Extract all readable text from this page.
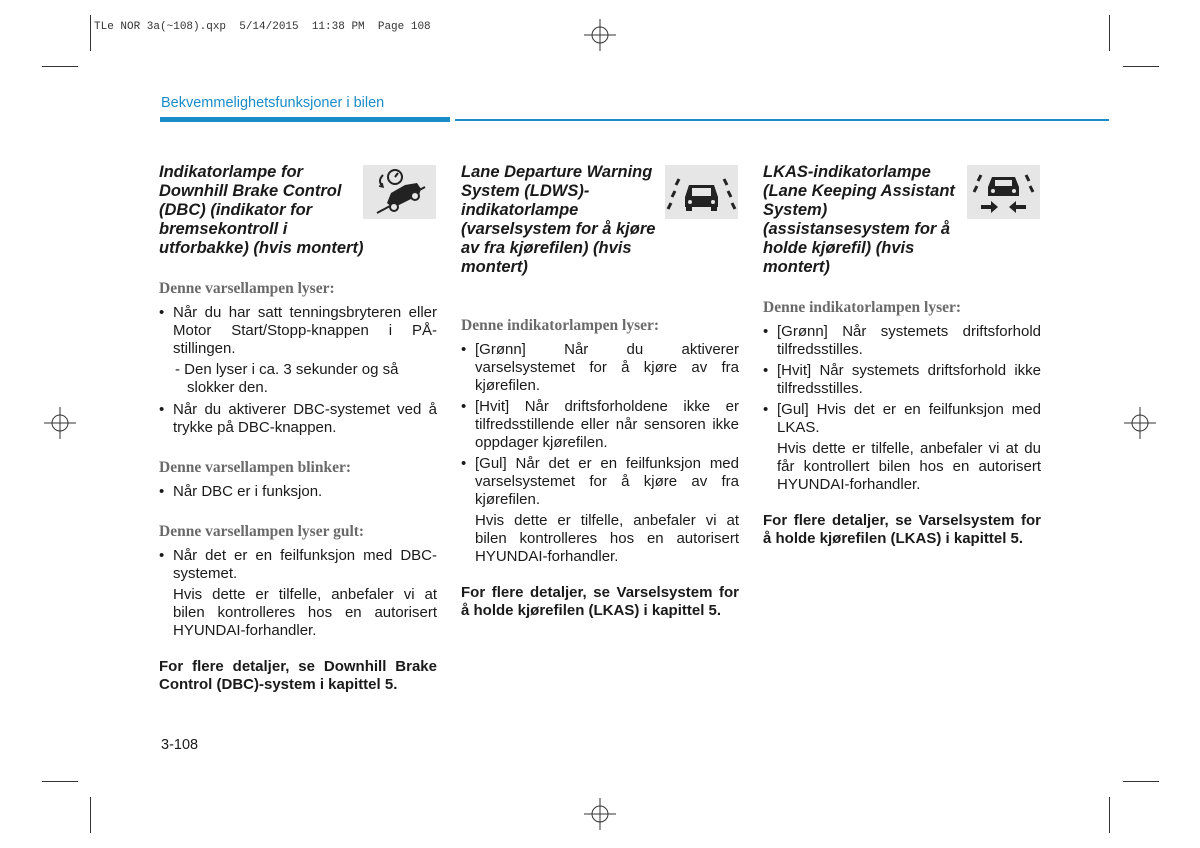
TLe NOR 3a(~108).qxp  5/14/2015  11:38 PM  Page 108
Bekvemmelighetsfunksjoner i bilen

Indikatorlampe for Downhill Brake Control (DBC) (indikator for bremsekontroll i utforbakke) (hvis montert)

Denne varsellampen lyser:
• Når du har satt tenningsbryteren eller Motor Start/Stopp-knappen i PÅ- stillingen.
- Den lyser i ca. 3 sekunder og så slokker den.
• Når du aktiverer DBC-systemet ved å trykke på DBC-knappen.
Denne varsellampen blinker:
• Når DBC er i funksjon.
Denne varsellampen lyser gult:
• Når det er en feilfunksjon med DBC- systemet.
Hvis dette er tilfelle, anbefaler vi at bilen kontrolleres hos en autorisert HYUNDAI-forhandler.
For flere detaljer, se Downhill Brake Control (DBC)-system i kapittel 5.

Lane Departure Warning System (LDWS)-indikatorlampe (varselsystem for å kjøre av fra kjørefilen) (hvis montert)

Denne indikatorlampen lyser:
• [Grønn] Når du aktiverer varselsystemet for å kjøre av fra kjørefilen.
• [Hvit] Når driftsforholdene ikke er tilfredsstillende eller når sensoren ikke oppdager kjørefilen.
• [Gul] Når det er en feilfunksjon med varselsystemet for å kjøre av fra kjørefilen.
Hvis dette er tilfelle, anbefaler vi at bilen kontrolleres hos en autorisert HYUNDAI-forhandler.
For flere detaljer, se Varselsystem for å holde kjørefilen (LKAS) i kapittel 5.

LKAS-indikatorlampe (Lane Keeping Assistant System) (assistansesystem for å holde kjørefil) (hvis montert)

Denne indikatorlampen lyser:
• [Grønn] Når systemets driftsforhold tilfredsstilles.
• [Hvit] Når systemets driftsforhold ikke tilfredsstilles.
• [Gul] Hvis det er en feilfunksjon med LKAS.
Hvis dette er tilfelle, anbefaler vi at du får kontrollert bilen hos en autorisert HYUNDAI-forhandler.
For flere detaljer, se Varselsystem for å holde kjørefilen (LKAS) i kapittel 5.
3-108
